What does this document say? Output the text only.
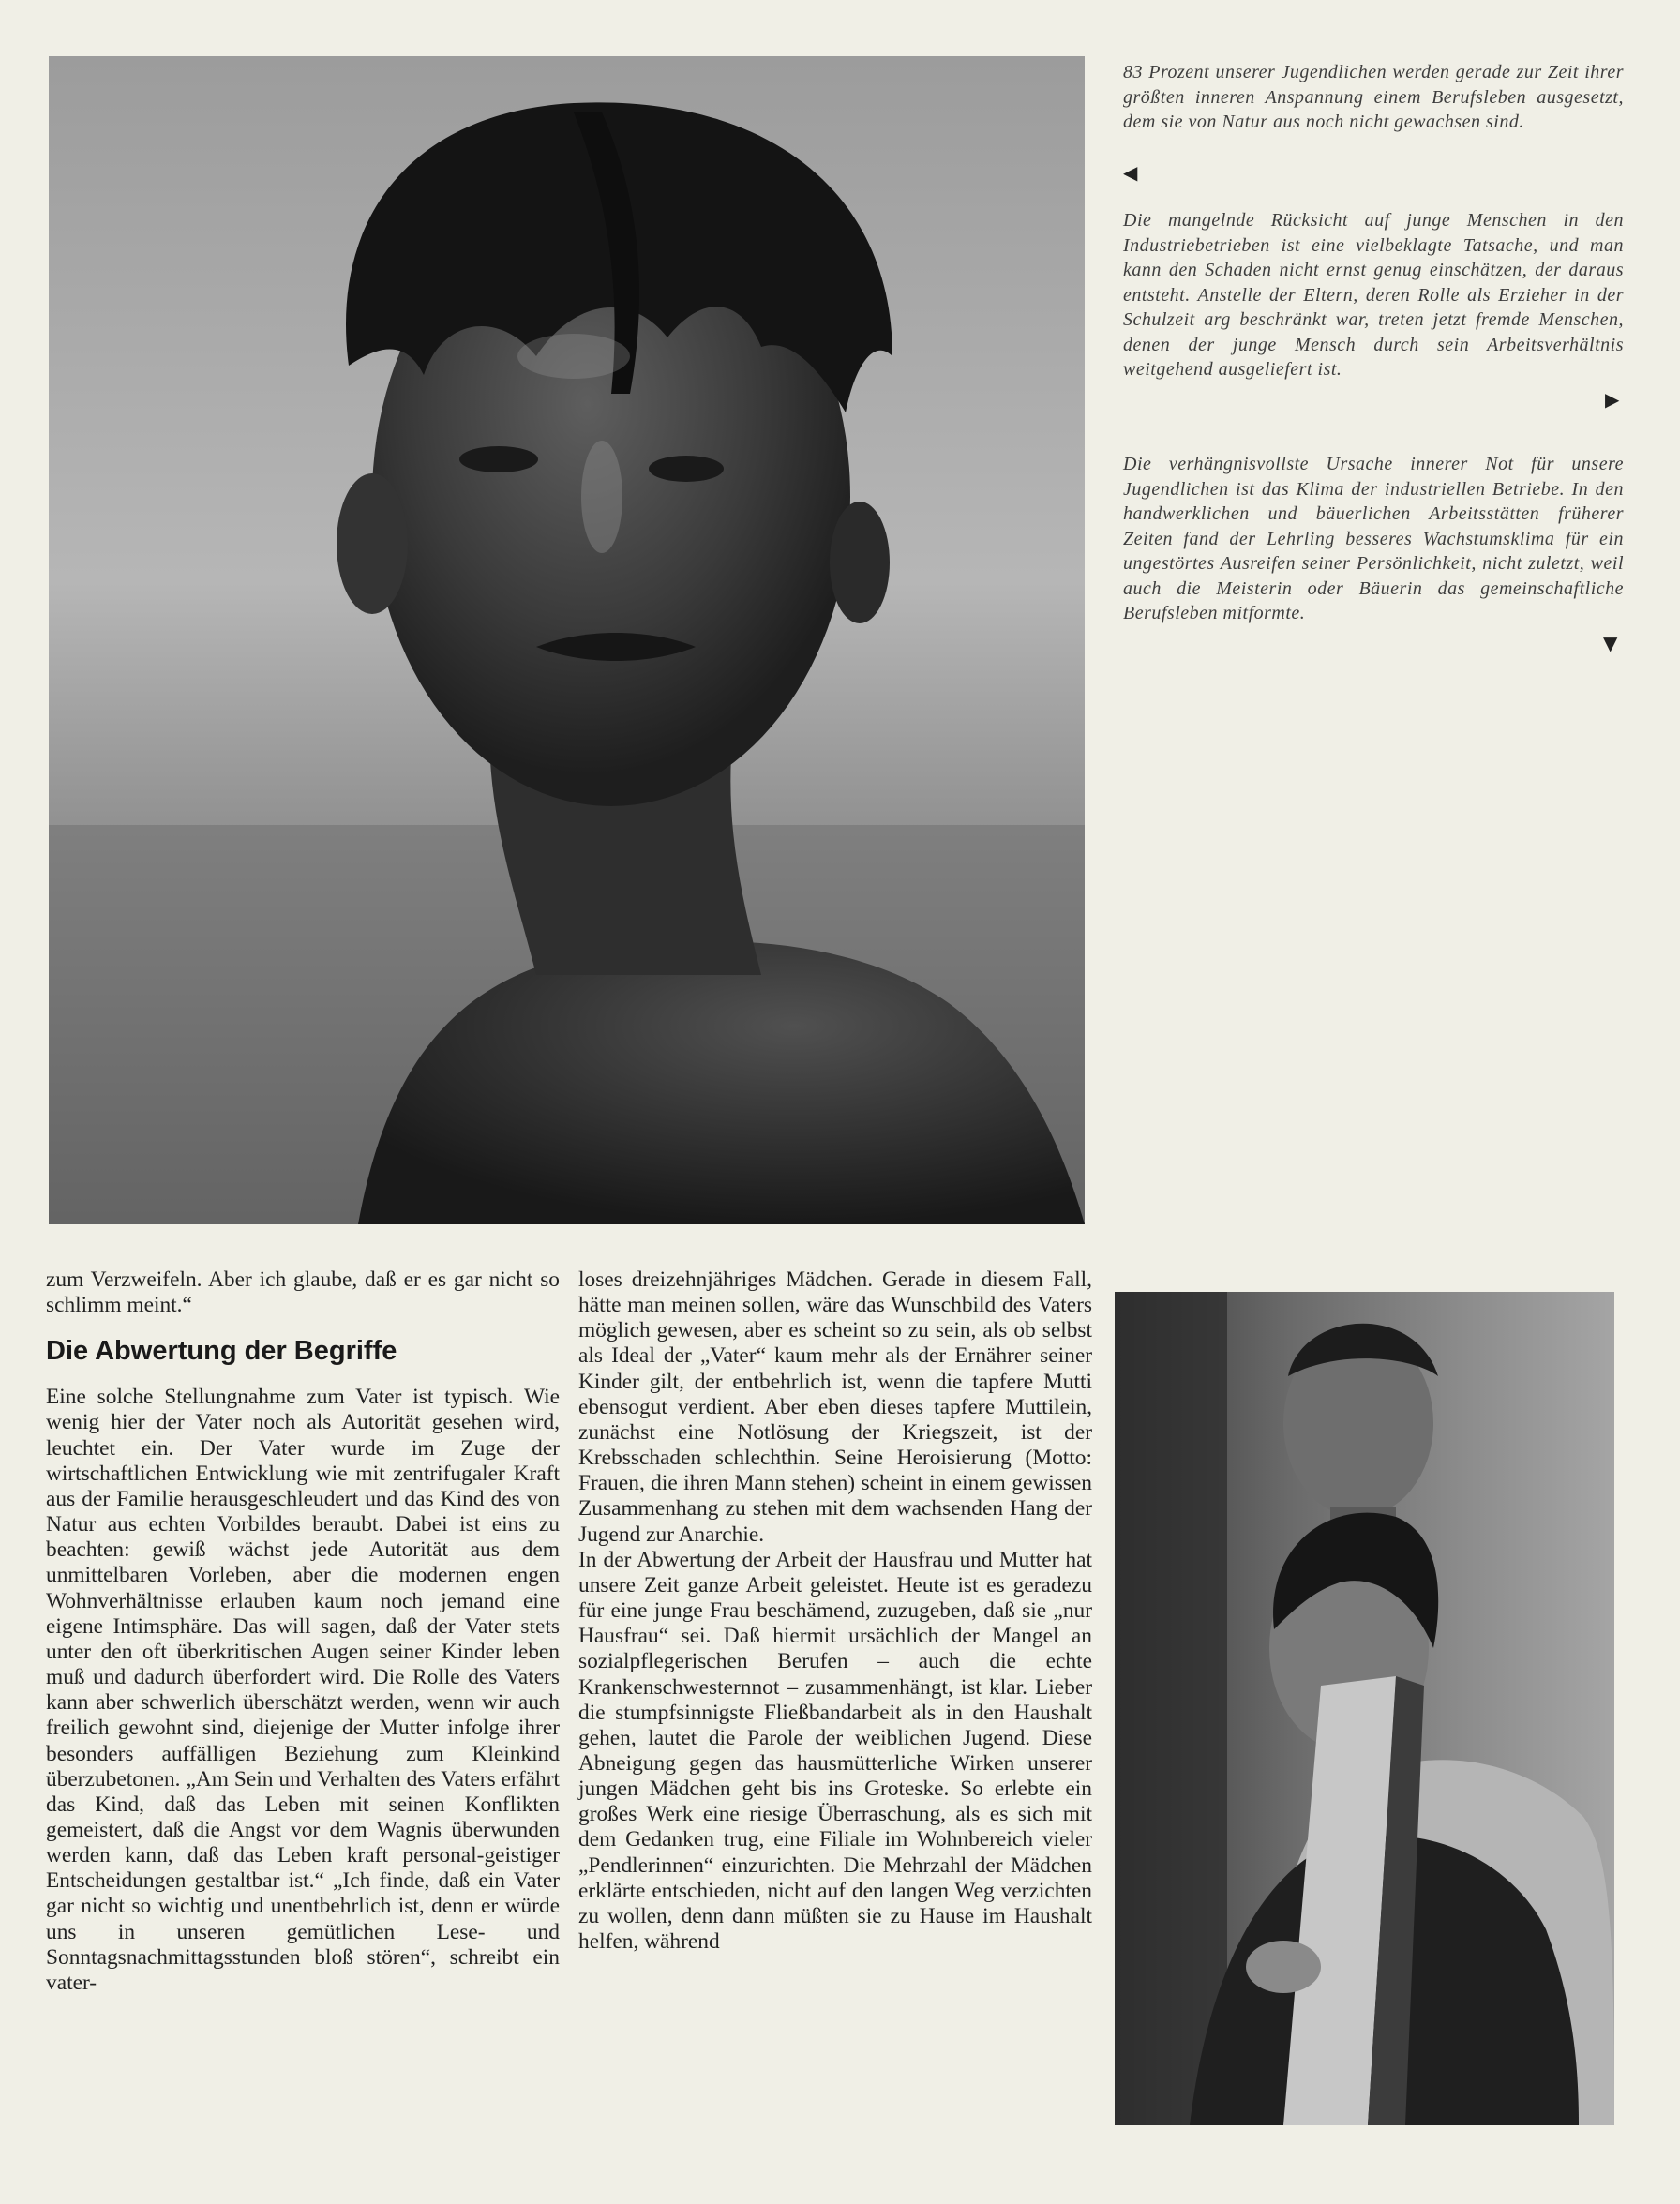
83 Prozent unserer Jugendlichen werden gerade zur Zeit ihrer größten inneren Anspannung einem Berufsleben ausgesetzt, dem sie von Natur aus noch nicht gewachsen sind.
◀
Die mangelnde Rücksicht auf junge Menschen in den Industriebetrieben ist eine vielbeklagte Tatsache, und man kann den Schaden nicht ernst genug einschätzen, der daraus entsteht. Anstelle der Eltern, deren Rolle als Erzieher in der Schulzeit arg beschränkt war, treten jetzt fremde Menschen, denen der junge Mensch durch sein Arbeitsverhältnis weitgehend ausgeliefert ist.
▶
Die verhängnisvollste Ursache innerer Not für unsere Jugendlichen ist das Klima der industriellen Betriebe. In den handwerklichen und bäuerlichen Arbeitsstätten früherer Zeiten fand der Lehrling besseres Wachstumsklima für ein ungestörtes Ausreifen seiner Persönlichkeit, nicht zuletzt, weil auch die Meisterin oder Bäuerin das gemeinschaftliche Berufsleben mitformte.
▼

zum Verzweifeln. Aber ich glaube, daß er es gar nicht so schlimm meint.“

Die Abwertung der Begriffe

Eine solche Stellungnahme zum Vater ist typisch. Wie wenig hier der Vater noch als Autorität gesehen wird, leuchtet ein. Der Vater wurde im Zuge der wirtschaftlichen Entwicklung wie mit zentrifugaler Kraft aus der Familie herausgeschleudert und das Kind des von Natur aus echten Vorbildes beraubt. Dabei ist eins zu beachten: gewiß wächst jede Autorität aus dem unmittelbaren Vorleben, aber die modernen engen Wohnverhältnisse erlauben kaum noch jemand eine eigene Intimsphäre. Das will sagen, daß der Vater stets unter den oft überkritischen Augen seiner Kinder leben muß und dadurch überfordert wird. Die Rolle des Vaters kann aber schwerlich überschätzt werden, wenn wir auch freilich gewohnt sind, diejenige der Mutter infolge ihrer besonders auffälligen Beziehung zum Kleinkind überzubetonen. „Am Sein und Verhalten des Vaters erfährt das Kind, daß das Leben mit seinen Konflikten gemeistert, daß die Angst vor dem Wagnis überwunden werden kann, daß das Leben kraft personal-geistiger Entscheidungen gestaltbar ist.“ „Ich finde, daß ein Vater gar nicht so wichtig und unentbehrlich ist, denn er würde uns in unseren gemütlichen Lese- und Sonntagsnachmittagsstunden bloß stören“, schreibt ein vater-

loses dreizehnjähriges Mädchen. Gerade in diesem Fall, hätte man meinen sollen, wäre das Wunschbild des Vaters möglich gewesen, aber es scheint so zu sein, als ob selbst als Ideal der „Vater“ kaum mehr als der Ernährer seiner Kinder gilt, der entbehrlich ist, wenn die tapfere Mutti ebensogut verdient. Aber eben dieses tapfere Muttilein, zunächst eine Notlösung der Kriegszeit, ist der Krebsschaden schlechthin. Seine Heroisierung (Motto: Frauen, die ihren Mann stehen) scheint in einem gewissen Zusammenhang zu stehen mit dem wachsenden Hang der Jugend zur Anarchie.

In der Abwertung der Arbeit der Hausfrau und Mutter hat unsere Zeit ganze Arbeit geleistet. Heute ist es geradezu für eine junge Frau beschämend, zuzugeben, daß sie „nur Hausfrau“ sei. Daß hiermit ursächlich der Mangel an sozialpflegerischen Berufen – auch die echte Krankenschwesternnot – zusammenhängt, ist klar. Lieber die stumpfsinnigste Fließbandarbeit als in den Haushalt gehen, lautet die Parole der weiblichen Jugend. Diese Abneigung gegen das hausmütterliche Wirken unserer jungen Mädchen geht bis ins Groteske. So erlebte ein großes Werk eine riesige Überraschung, als es sich mit dem Gedanken trug, eine Filiale im Wohnbereich vieler „Pendlerinnen“ einzurichten. Die Mehrzahl der Mädchen erklärte entschieden, nicht auf den langen Weg verzichten zu wollen, denn dann müßten sie zu Hause im Haushalt helfen, während
